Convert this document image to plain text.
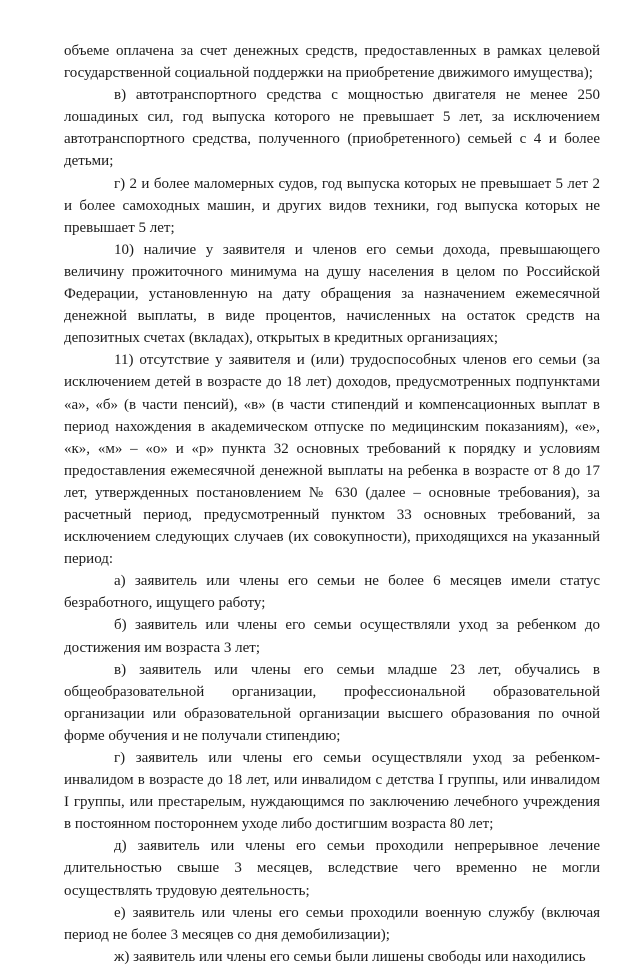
объеме оплачена за счет денежных средств, предоставленных в рамках целевой государственной социальной поддержки на приобретение движимого имущества);

в) автотранспортного средства с мощностью двигателя не менее 250 лошадиных сил, год выпуска которого не превышает 5 лет, за исключением автотранспортного средства, полученного (приобретенного) семьей с 4 и более детьми;

г) 2 и более маломерных судов, год выпуска которых не превышает 5 лет 2 и более самоходных машин, и других видов техники, год выпуска которых не превышает 5 лет;

10) наличие у заявителя и членов его семьи дохода, превышающего величину прожиточного минимума на душу населения в целом по Российской Федерации, установленную на дату обращения за назначением ежемесячной денежной выплаты, в виде процентов, начисленных на остаток средств на депозитных счетах (вкладах), открытых в кредитных организациях;

11) отсутствие у заявителя и (или) трудоспособных членов его семьи (за исключением детей в возрасте до 18 лет) доходов, предусмотренных подпунктами «а», «б» (в части пенсий), «в» (в части стипендий и компенсационных выплат в период нахождения в академическом отпуске по медицинским показаниям), «е», «к», «м» – «о» и «р» пункта 32 основных требований к порядку и условиям предоставления ежемесячной денежной выплаты на ребенка в возрасте от 8 до 17 лет, утвержденных постановлением № 630 (далее – основные требования), за расчетный период, предусмотренный пунктом 33 основных требований, за исключением следующих случаев (их совокупности), приходящихся на указанный период:

а) заявитель или члены его семьи не более 6 месяцев имели статус безработного, ищущего работу;

б) заявитель или члены его семьи осуществляли уход за ребенком до достижения им возраста 3 лет;

в) заявитель или члены его семьи младше 23 лет, обучались в общеобразовательной организации, профессиональной образовательной организации или образовательной организации высшего образования по очной форме обучения и не получали стипендию;

г) заявитель или члены его семьи осуществляли уход за ребенком-инвалидом в возрасте до 18 лет, или инвалидом с детства I группы, или инвалидом I группы, или престарелым, нуждающимся по заключению лечебного учреждения в постоянном постороннем уходе либо достигшим возраста 80 лет;

д) заявитель или члены его семьи проходили непрерывное лечение длительностью свыше 3 месяцев, вследствие чего временно не могли осуществлять трудовую деятельность;

е) заявитель или члены его семьи проходили военную службу (включая период не более 3 месяцев со дня демобилизации);

ж) заявитель или члены его семьи были лишены свободы или находились
